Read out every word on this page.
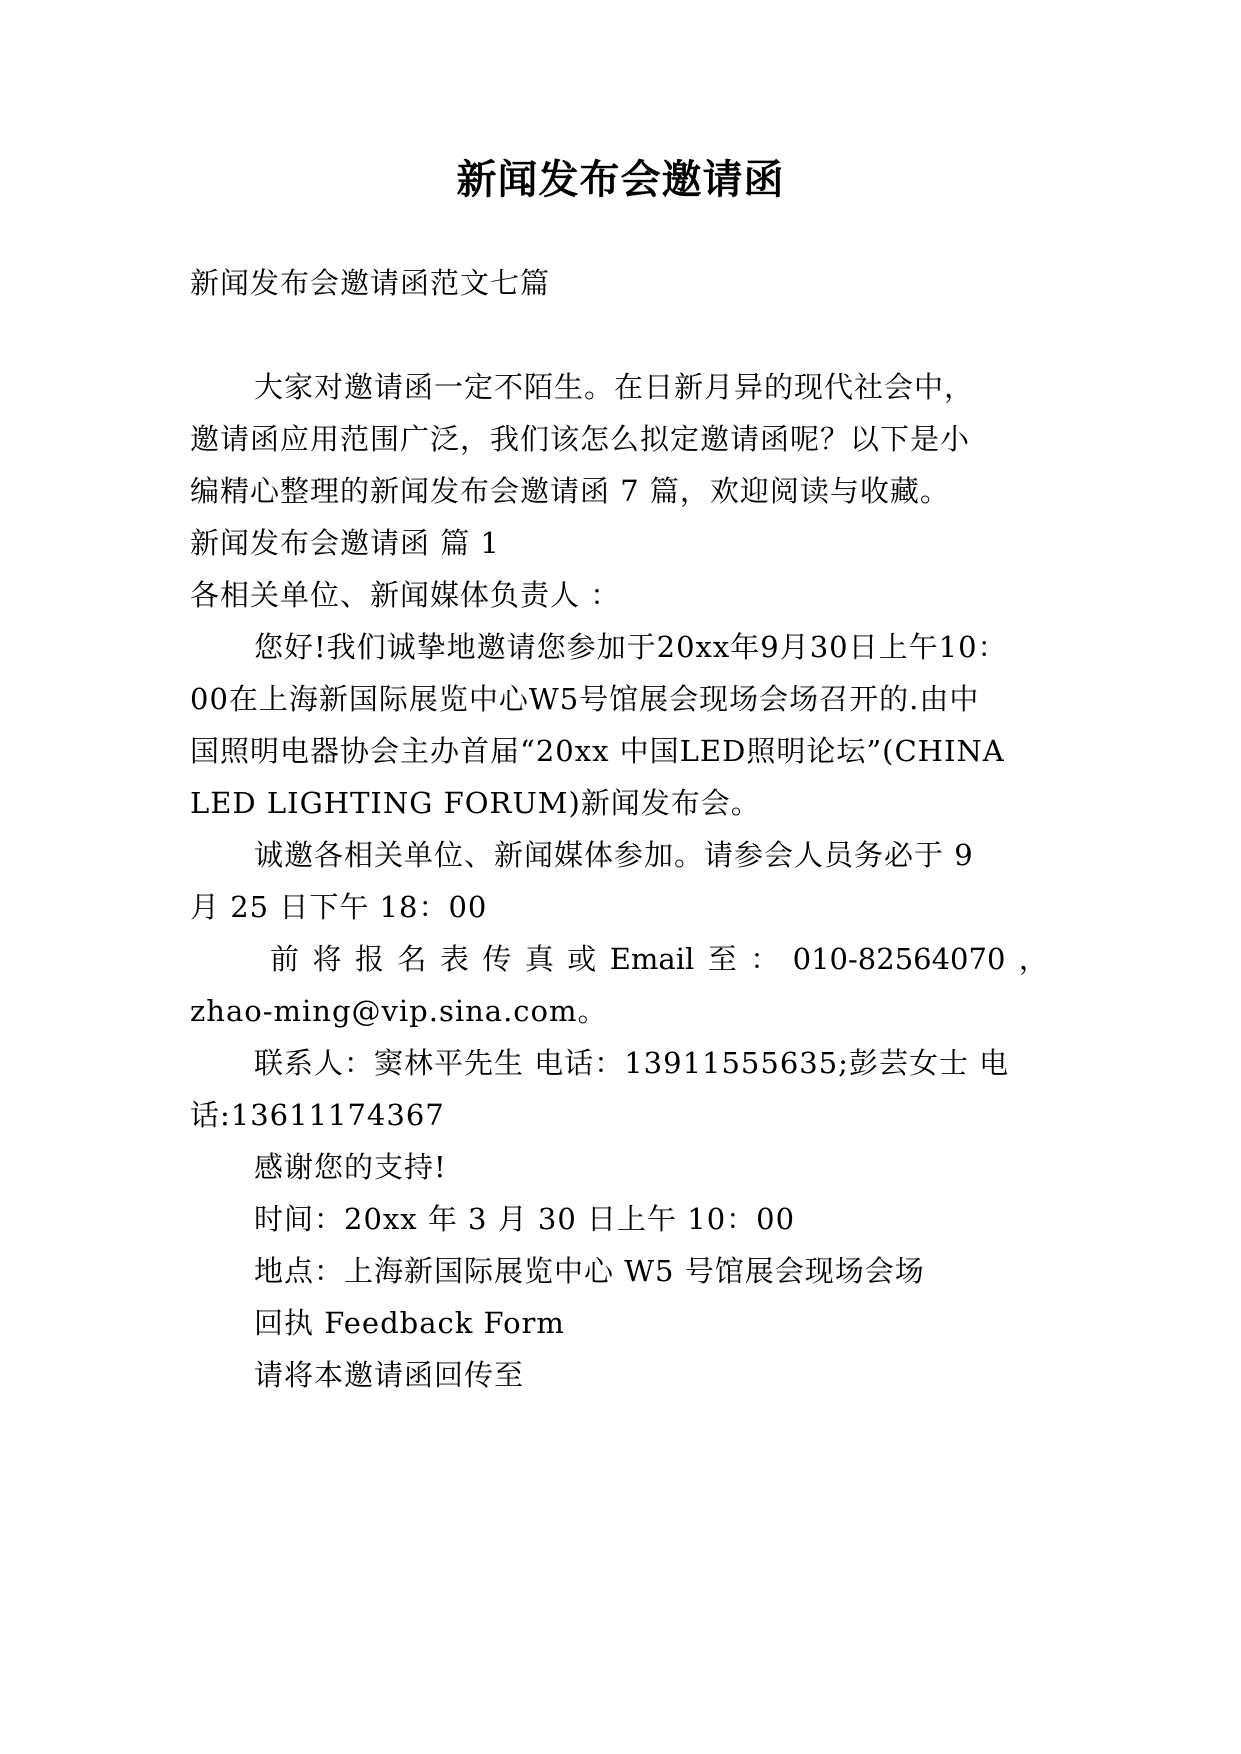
新闻发布会邀请函
新闻发布会邀请函范文七篇
大家对邀请函一定不陌生。在日新月异的现代社会中，
邀请函应用范围广泛，我们该怎么拟定邀请函呢？以下是小
编精心整理的新闻发布会邀请函 7 篇，欢迎阅读与收藏。
新闻发布会邀请函 篇 1
各相关单位、新闻媒体负责人 ：
您好!我们诚挚地邀请您参加于20xx年9月30日上午10：
00在上海新国际展览中心W5号馆展会现场会场召开的.由中
国照明电器协会主办首届“20xx 中国LED照明论坛”(CHINA
LED LIGHTING FORUM)新闻发布会。
诚邀各相关单位、新闻媒体参加。请参会人员务必于 9
月 25 日下午 18：00
前 将 报 名 表 传 真 或 Email 至 ： 010-82564070 ，
zhao-ming@vip.sina.com。
联系人：窦林平先生 电话：13911555635;彭芸女士 电
话:13611174367
感谢您的支持!
时间：20xx 年 3 月 30 日上午 10：00
地点：上海新国际展览中心 W5 号馆展会现场会场
回执 Feedback Form
请将本邀请函回传至
